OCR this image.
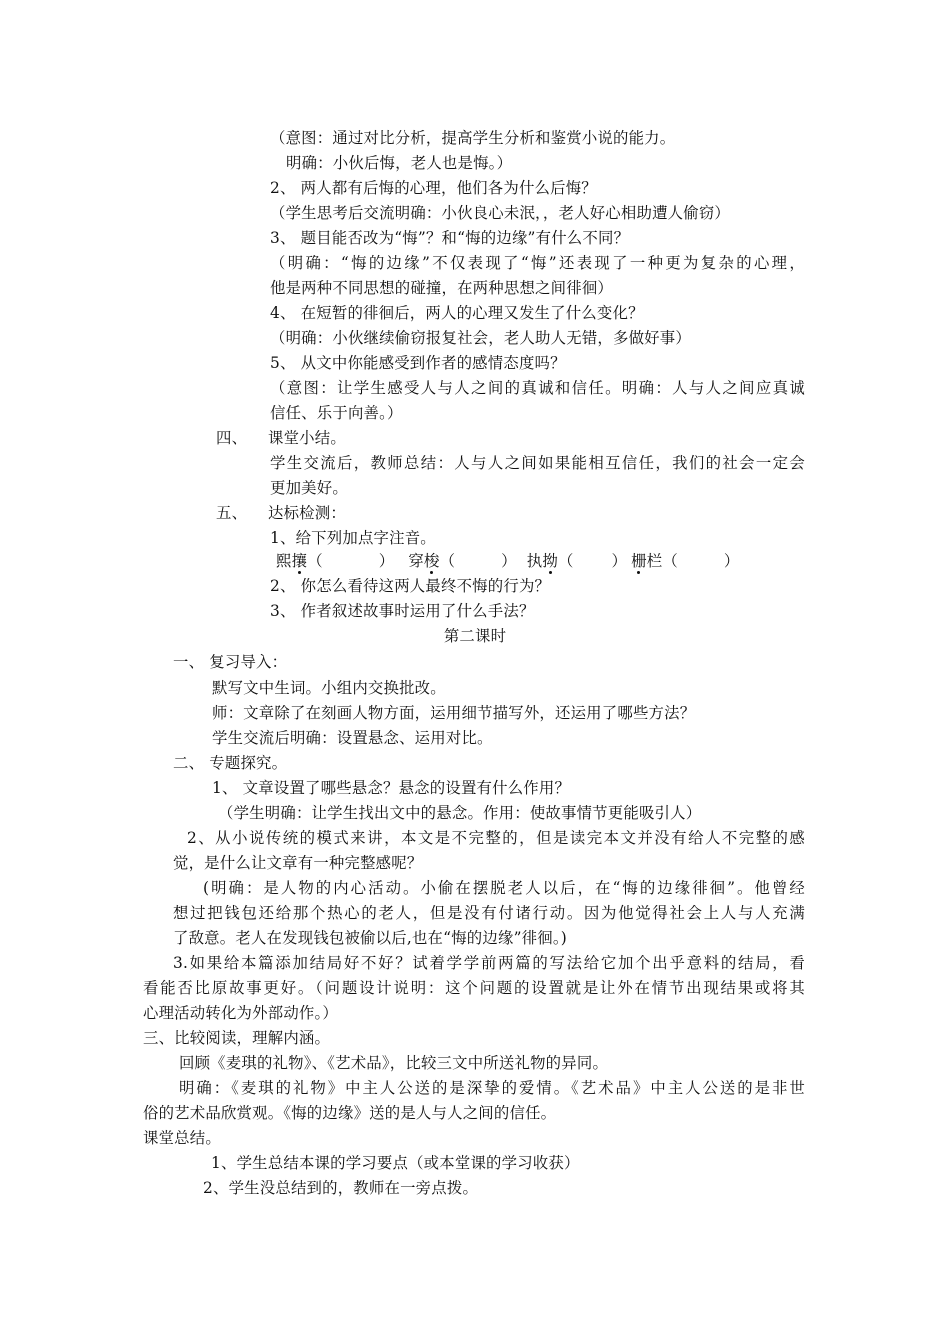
（意图：通过对比分析，提高学生分析和鉴赏小说的能力。
明确：小伙后悔，老人也是悔。）
2、 两人都有后悔的心理，他们各为什么后悔？
（学生思考后交流明确：小伙良心未泯，，老人好心相助遭人偷窃）
3、 题目能否改为“悔”？和“悔的边缘”有什么不同？
（明确：“悔的边缘”不仅表现了“悔”还表现了一种更为复杂的心理，
他是两种不同思想的碰撞，在两种思想之间徘徊）
4、 在短暂的徘徊后，两人的心理又发生了什么变化？
（明确：小伙继续偷窃报复社会，老人助人无错，多做好事）
5、 从文中你能感受到作者的感情态度吗？
（意图：让学生感受人与人之间的真诚和信任。明确：人与人之间应真诚
信任、乐于向善。）
四、 课堂小结。
学生交流后，教师总结：人与人之间如果能相互信任，我们的社会一定会
更加美好。
五、 达标检测：
1、给下列加点字注音。
熙攘（	） 穿梭（	） 执拗（ ） 栅栏（	）
2、 你怎么看待这两人最终不悔的行为？
3、 作者叙述故事时运用了什么手法？
第二课时
一、 复习导入：
默写文中生词。小组内交换批改。
师：文章除了在刻画人物方面，运用细节描写外，还运用了哪些方法？
学生交流后明确：设置悬念、运用对比。
二、 专题探究。
1、 文章设置了哪些悬念？悬念的设置有什么作用？
（学生明确：让学生找出文中的悬念。作用：使故事情节更能吸引人）
2、从小说传统的模式来讲，本文是不完整的，但是读完本文并没有给人不完整的感
觉，是什么让文章有一种完整感呢？
(明确：是人物的内心活动。小偷在摆脱老人以后，在“悔的边缘徘徊”。他曾经
想过把钱包还给那个热心的老人，但是没有付诸行动。因为他觉得社会上人与人充满
了敌意。老人在发现钱包被偷以后,也在“悔的边缘”徘徊。)
3.如果给本篇添加结局好不好？试着学学前两篇的写法给它加个出乎意料的结局，看
看能否比原故事更好。（问题设计说明：这个问题的设置就是让外在情节出现结果或将其
心理活动转化为外部动作。）
三、比较阅读，理解内涵。
回顾《麦琪的礼物》、《艺术品》，比较三文中所送礼物的异同。
明确：《麦琪的礼物》中主人公送的是深挚的爱情。《艺术品》中主人公送的是非世
俗的艺术品欣赏观。《悔的边缘》送的是人与人之间的信任。
课堂总结。
1、学生总结本课的学习要点（或本堂课的学习收获）
2、学生没总结到的，教师在一旁点拨。
